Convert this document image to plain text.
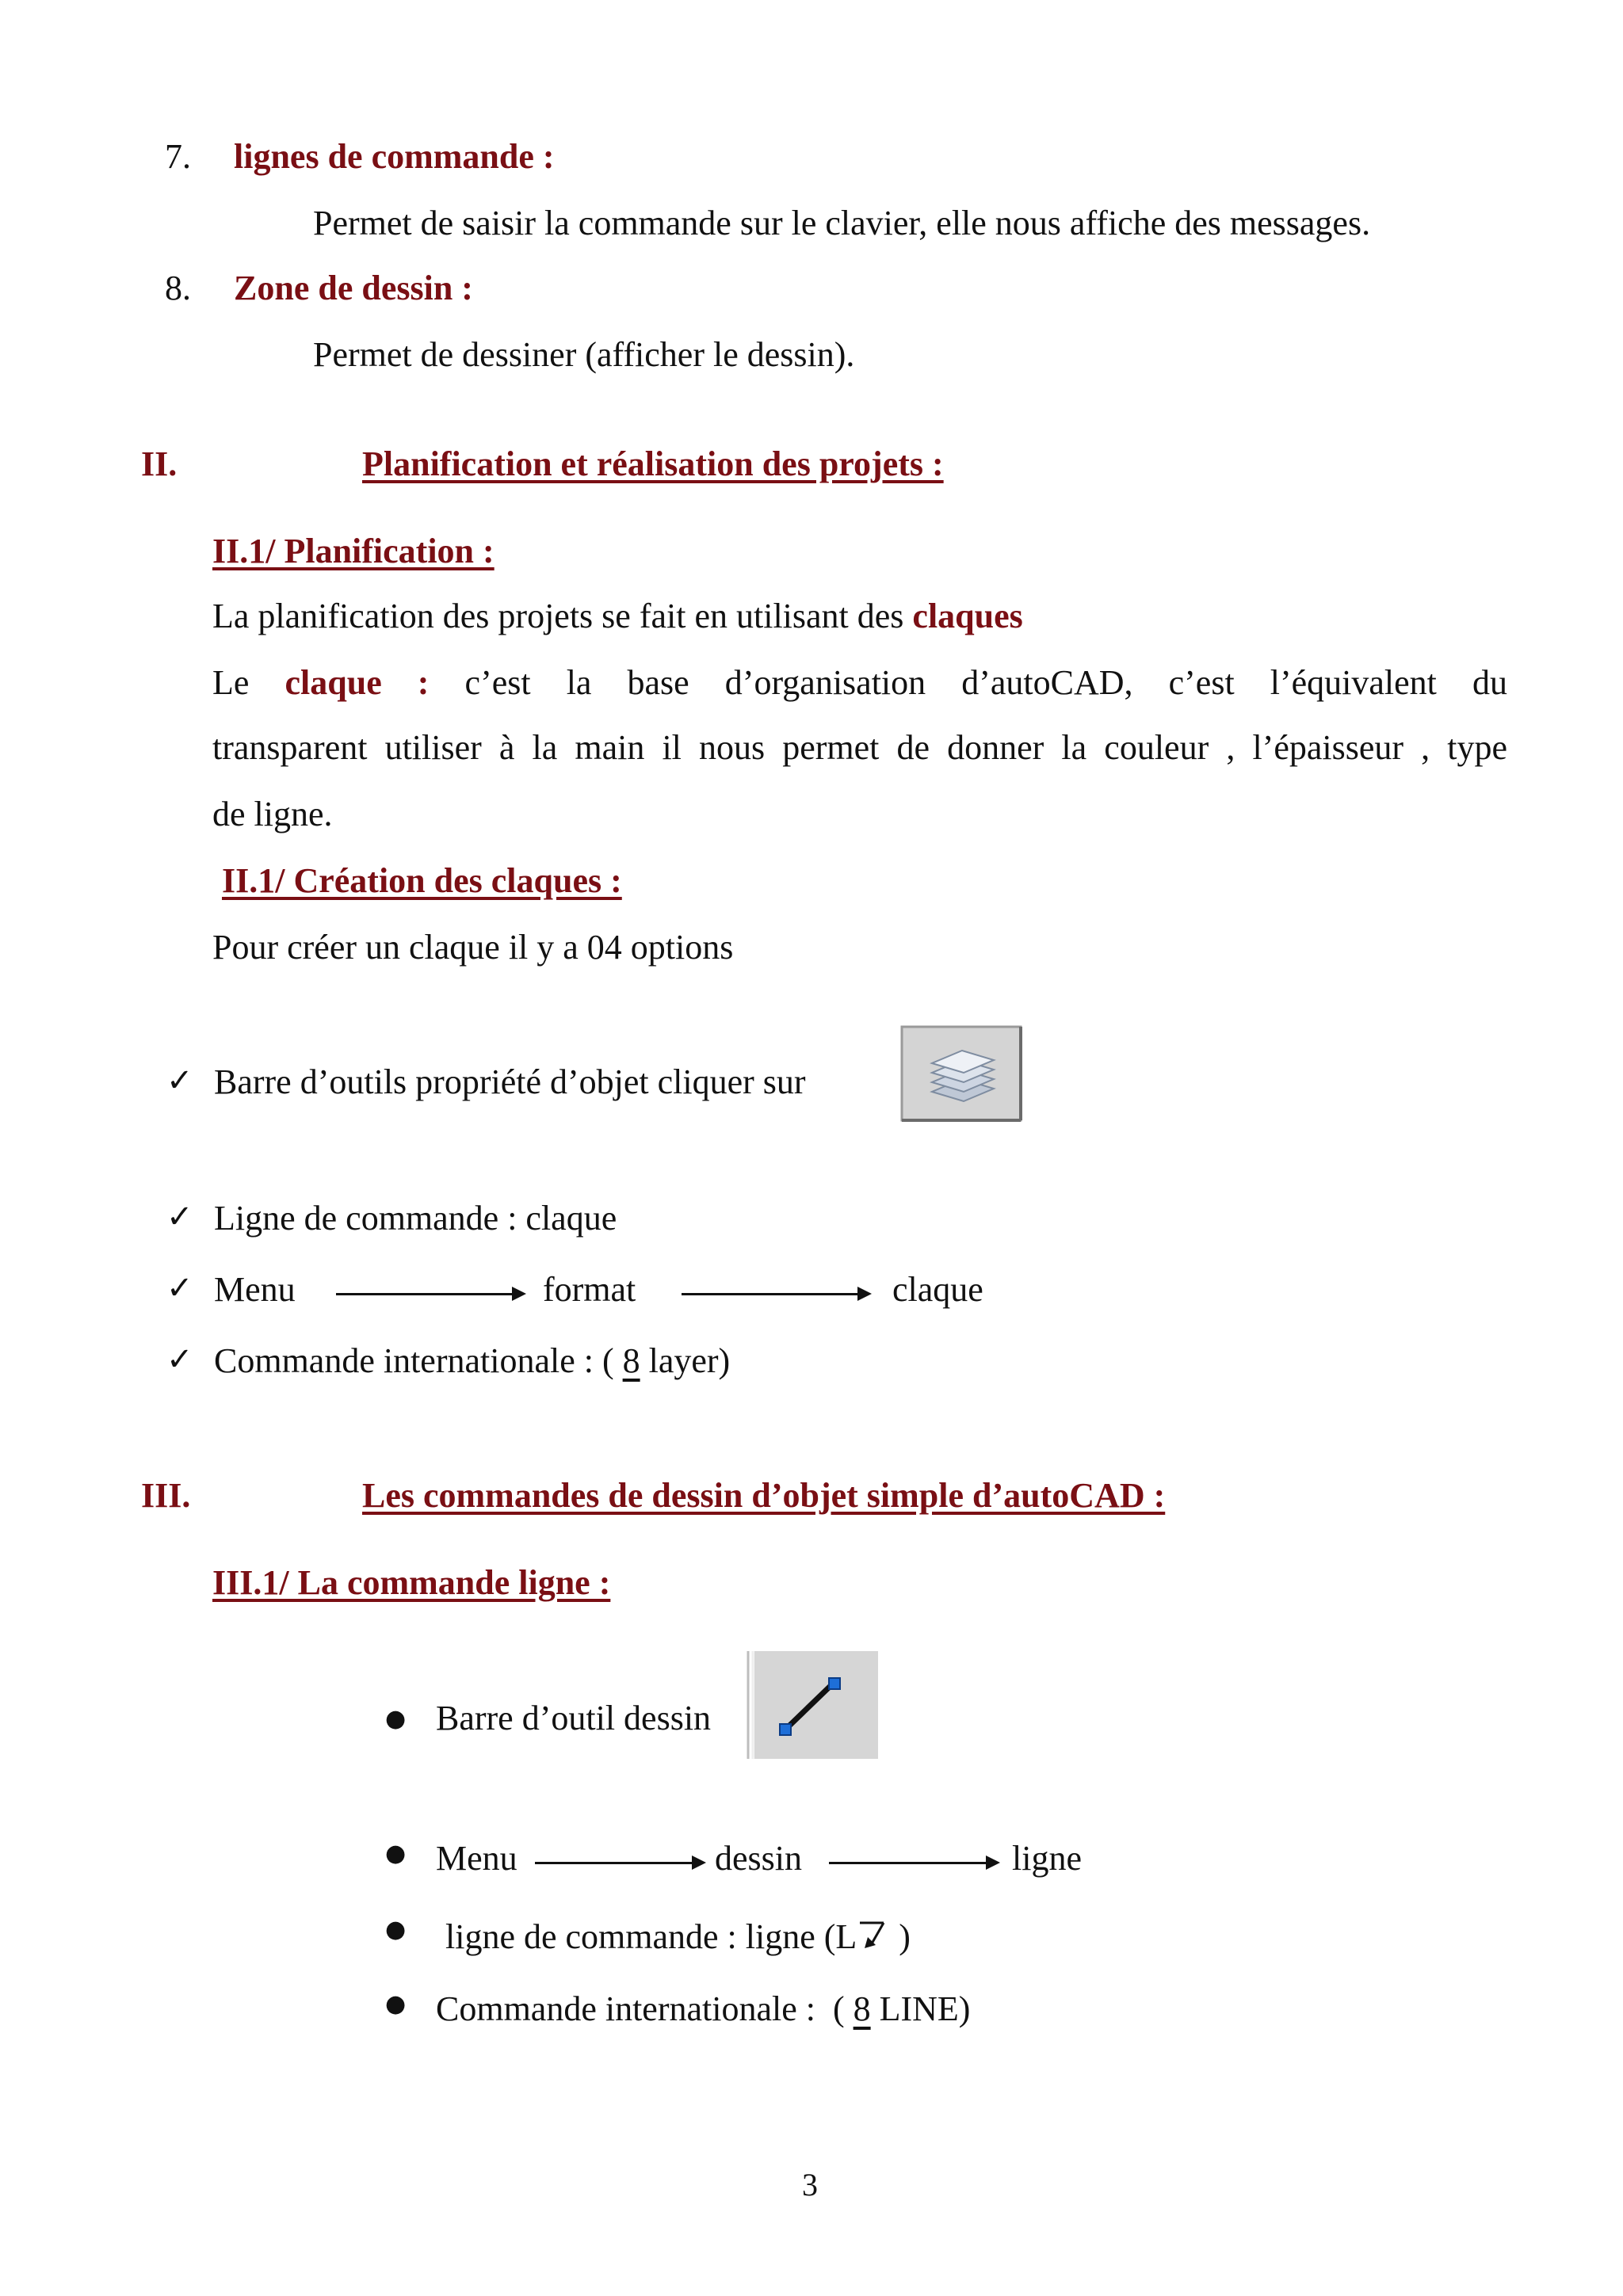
7. lignes de commande :
Permet de saisir la commande sur le clavier, elle nous affiche des messages.
8. Zone de dessin :
Permet de dessiner (afficher le dessin).
II.	Planification et réalisation des projets :
II.1/ Planification :
La planification des projets se fait en utilisant des claques
Le claque : c’est la base d’organisation d’autoCAD, c’est l’équivalent du
transparent utiliser à la main il nous permet de donner la couleur , l’épaisseur , type
de ligne.
II.1/ Création des claques :
Pour créer un claque il y a 04 options
✓ Barre d’outils propriété d’objet cliquer sur
✓ Ligne de commande : claque
✓ Menu	format	claque
✓ Commande internationale : ( 8 layer)
III.	Les commandes de dessin d’objet simple d’autoCAD :
III.1/ La commande ligne :
● Barre d’outil dessin
● Menu	dessin	ligne
● ligne de commande : ligne (L )
● Commande internationale :  ( 8 LINE)
3
